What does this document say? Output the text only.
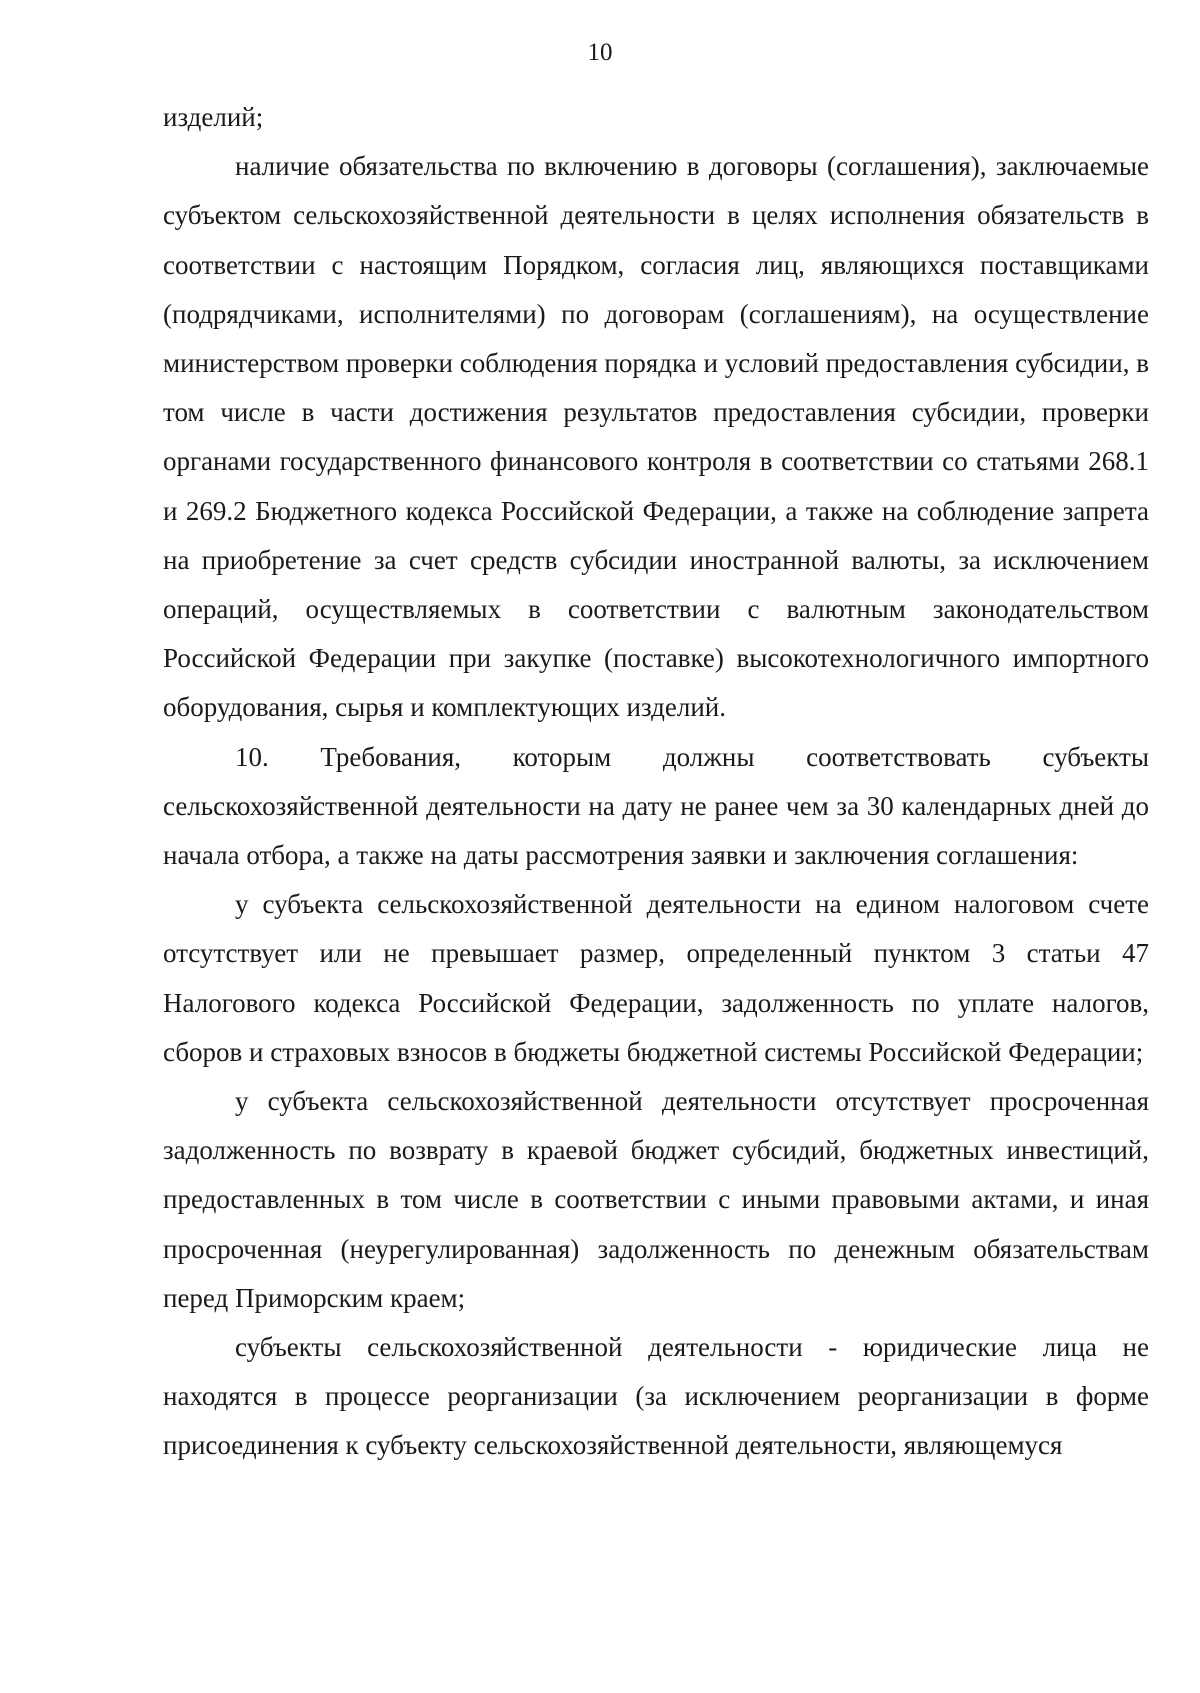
10

изделий;

наличие обязательства по включению в договоры (соглашения), заключаемые субъектом сельскохозяйственной деятельности в целях исполнения обязательств в соответствии с настоящим Порядком, согласия лиц, являющихся поставщиками (подрядчиками, исполнителями) по договорам (соглашениям), на осуществление министерством проверки соблюдения порядка и условий предоставления субсидии, в том числе в части достижения результатов предоставления субсидии, проверки органами государственного финансового контроля в соответствии со статьями 268.1 и 269.2 Бюджетного кодекса Российской Федерации, а также на соблюдение запрета на приобретение за счет средств субсидии иностранной валюты, за исключением операций, осуществляемых в соответствии с валютным законодательством Российской Федерации при закупке (поставке) высокотехнологичного импортного оборудования, сырья и комплектующих изделий.

10. Требования, которым должны соответствовать субъекты сельскохозяйственной деятельности на дату не ранее чем за 30 календарных дней до начала отбора, а также на даты рассмотрения заявки и заключения соглашения:

у субъекта сельскохозяйственной деятельности на едином налоговом счете отсутствует или не превышает размер, определенный пунктом 3 статьи 47 Налогового кодекса Российской Федерации, задолженность по уплате налогов, сборов и страховых взносов в бюджеты бюджетной системы Российской Федерации;

у субъекта сельскохозяйственной деятельности отсутствует просроченная задолженность по возврату в краевой бюджет субсидий, бюджетных инвестиций, предоставленных в том числе в соответствии с иными правовыми актами, и иная просроченная (неурегулированная) задолженность по денежным обязательствам перед Приморским краем;

субъекты сельскохозяйственной деятельности - юридические лица не находятся в процессе реорганизации (за исключением реорганизации в форме присоединения к субъекту сельскохозяйственной деятельности, являющемуся
